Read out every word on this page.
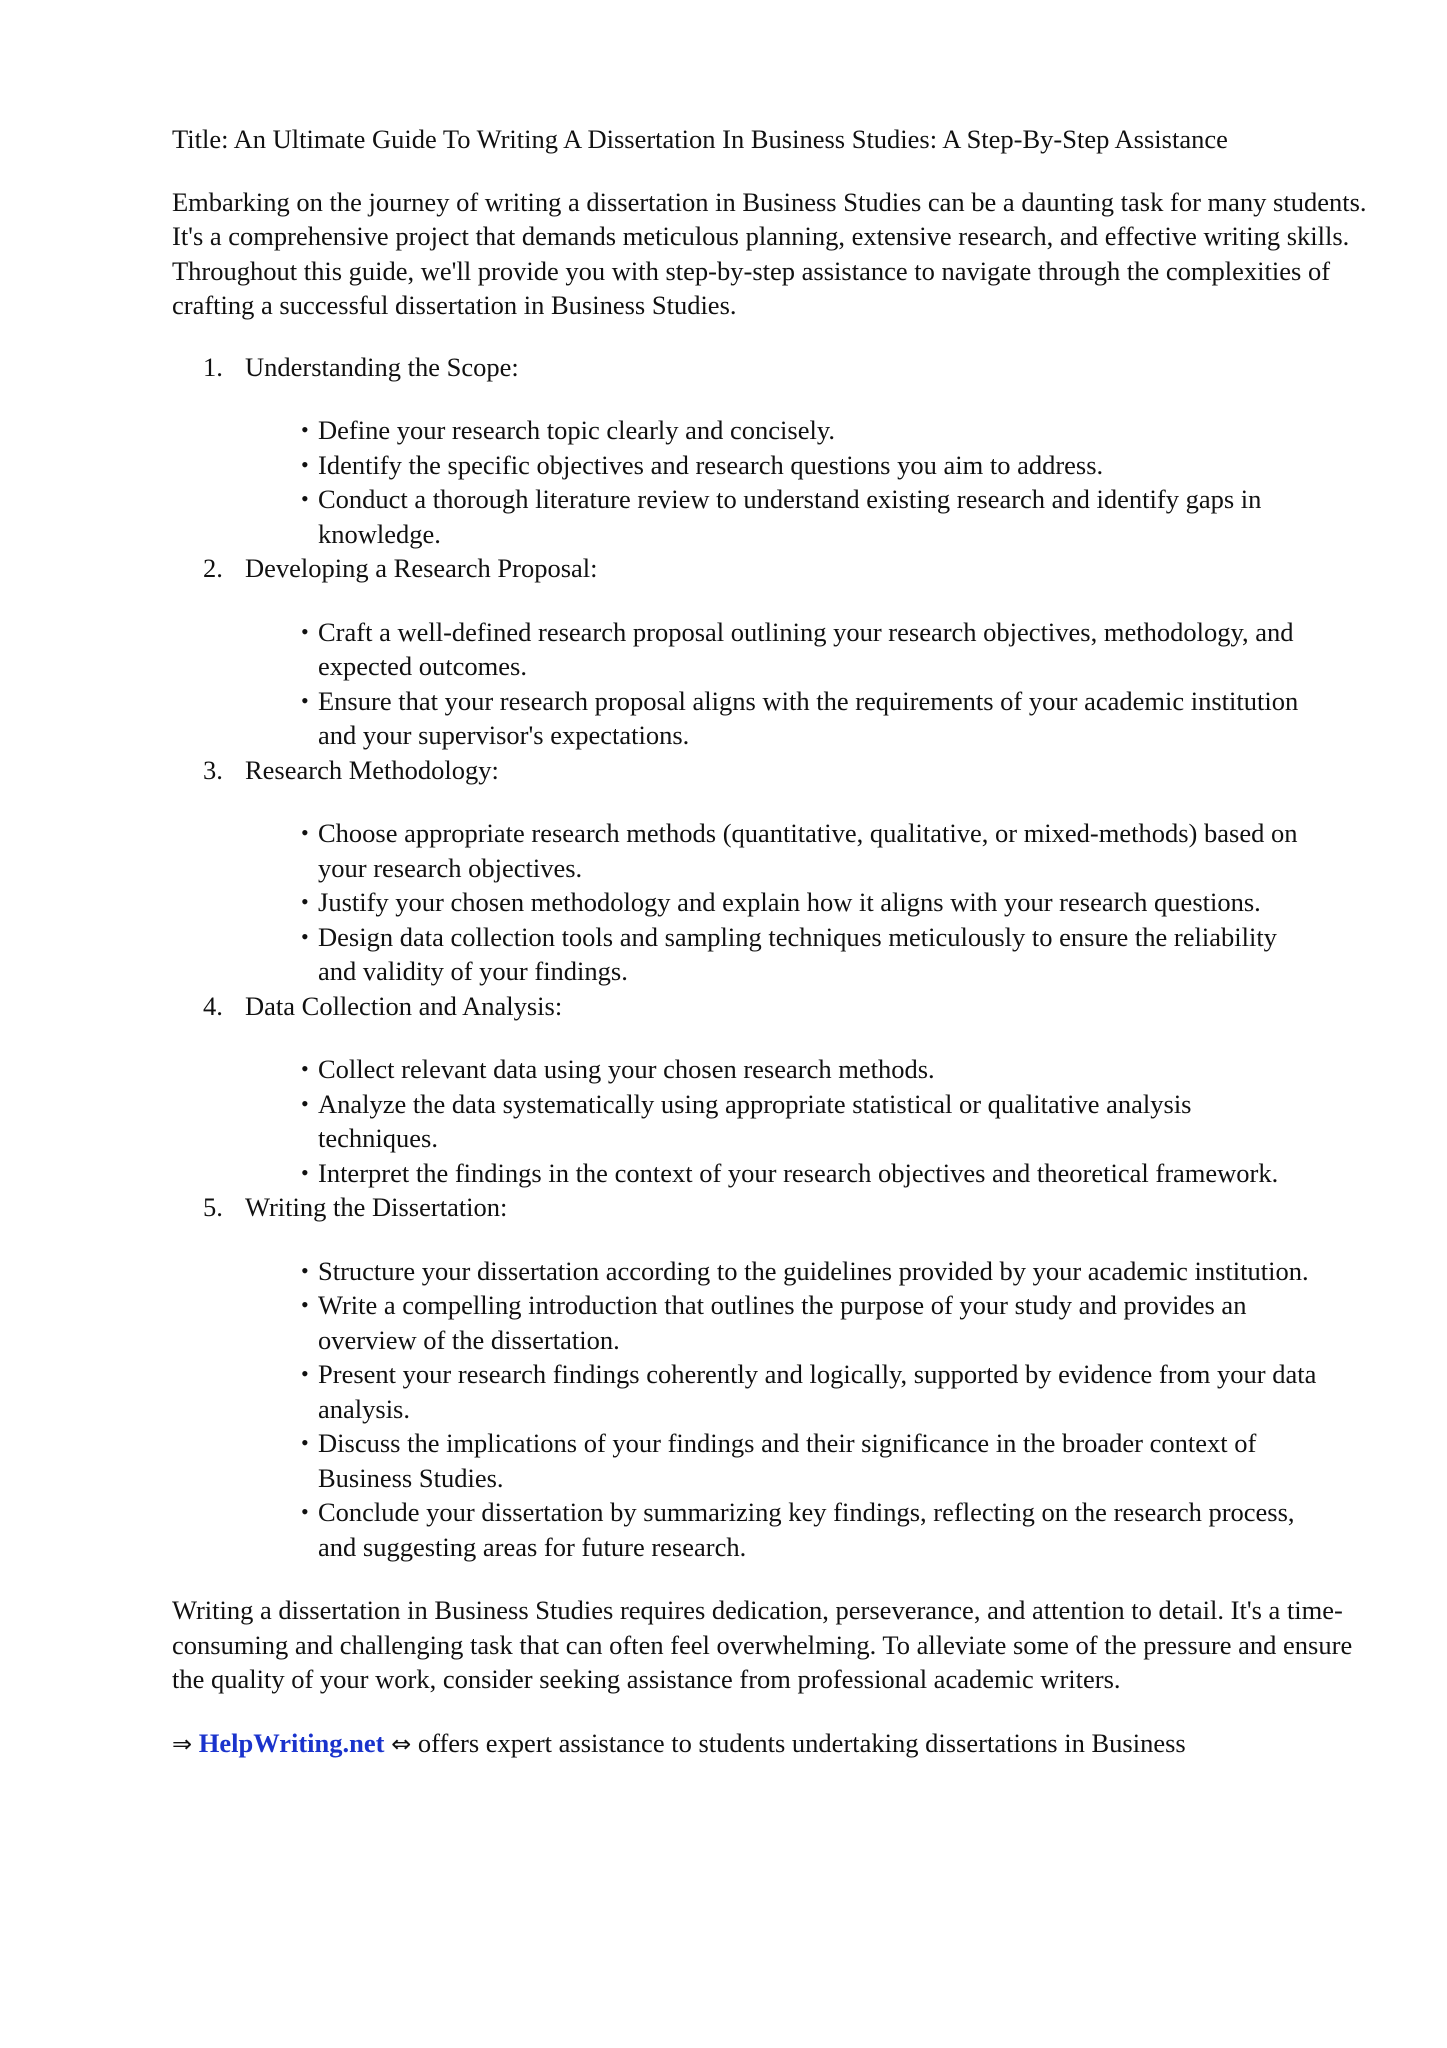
Title: An Ultimate Guide To Writing A Dissertation In Business Studies: A Step-By-Step Assistance

Embarking on the journey of writing a dissertation in Business Studies can be a daunting task for many students. It's a comprehensive project that demands meticulous planning, extensive research, and effective writing skills. Throughout this guide, we'll provide you with step-by-step assistance to navigate through the complexities of crafting a successful dissertation in Business Studies.

1. Understanding the Scope:
• Define your research topic clearly and concisely.
• Identify the specific objectives and research questions you aim to address.
• Conduct a thorough literature review to understand existing research and identify gaps in knowledge.
2. Developing a Research Proposal:
• Craft a well-defined research proposal outlining your research objectives, methodology, and expected outcomes.
• Ensure that your research proposal aligns with the requirements of your academic institution and your supervisor's expectations.
3. Research Methodology:
• Choose appropriate research methods (quantitative, qualitative, or mixed-methods) based on your research objectives.
• Justify your chosen methodology and explain how it aligns with your research questions.
• Design data collection tools and sampling techniques meticulously to ensure the reliability and validity of your findings.
4. Data Collection and Analysis:
• Collect relevant data using your chosen research methods.
• Analyze the data systematically using appropriate statistical or qualitative analysis techniques.
• Interpret the findings in the context of your research objectives and theoretical framework.
5. Writing the Dissertation:
• Structure your dissertation according to the guidelines provided by your academic institution.
• Write a compelling introduction that outlines the purpose of your study and provides an overview of the dissertation.
• Present your research findings coherently and logically, supported by evidence from your data analysis.
• Discuss the implications of your findings and their significance in the broader context of Business Studies.
• Conclude your dissertation by summarizing key findings, reflecting on the research process, and suggesting areas for future research.

Writing a dissertation in Business Studies requires dedication, perseverance, and attention to detail. It's a time-consuming and challenging task that can often feel overwhelming. To alleviate some of the pressure and ensure the quality of your work, consider seeking assistance from professional academic writers.

⇒ HelpWriting.net ⇔ offers expert assistance to students undertaking dissertations in Business
